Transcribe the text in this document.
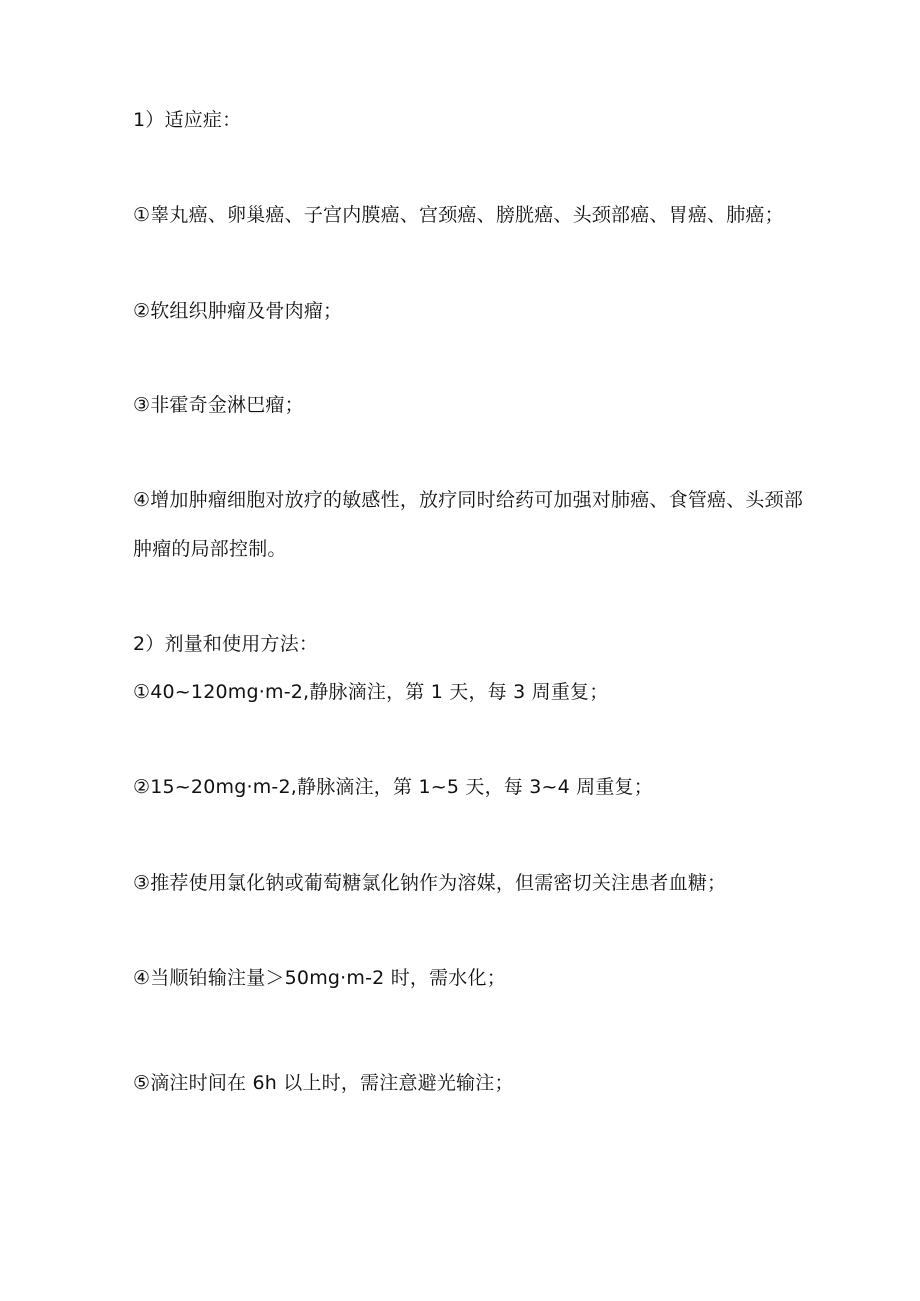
1）适应症：
①睾丸癌、卵巢癌、子宫内膜癌、宫颈癌、膀胱癌、头颈部癌、胃癌、肺癌；
②软组织肿瘤及骨肉瘤；
③非霍奇金淋巴瘤；
④增加肿瘤细胞对放疗的敏感性，放疗同时给药可加强对肺癌、食管癌、头颈部
肿瘤的局部控制。
2）剂量和使用方法：
①40~120mg·m-2,静脉滴注，第 1 天，每 3 周重复；
②15~20mg·m-2,静脉滴注，第 1~5 天，每 3~4 周重复；
③推荐使用氯化钠或葡萄糖氯化钠作为溶媒，但需密切关注患者血糖；
④当顺铂输注量＞50mg·m-2 时，需水化；
⑤滴注时间在 6h 以上时，需注意避光输注；
